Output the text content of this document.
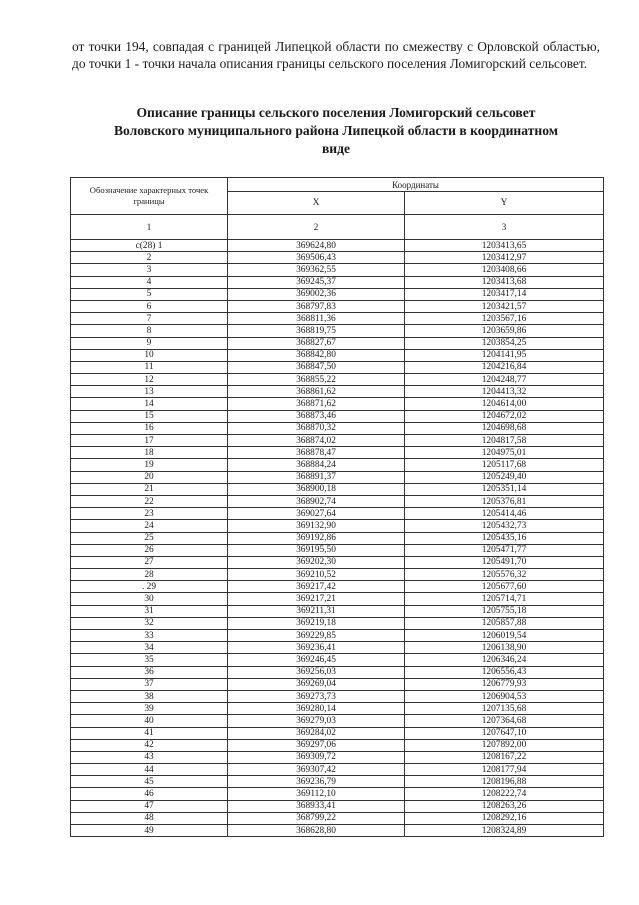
от точки 194, совпадая с границей Липецкой области по смежеству с Орловской областью, до точки 1 - точки начала описания границы сельского поселения Ломигорский сельсовет.

Описание границы сельского поселения Ломигорский сельсовет
Воловского муниципального района Липецкой области в координатном
виде
Обозначение характерных точек границы	Координаты	
	X	Y
1	2	3
c(28) 1	369624,80	1203413,65
2	369506,43	1203412,97
3	369362,55	1203408,66
4	369245,37	1203413,68
5	369002,36	1203417,14
6	368797,83	1203421,57
7	368811,36	1203567,16
8	368819,75	1203659,86
9	368827,67	1203854,25
10	368842,80	1204141,95
11	368847,50	1204216,84
12	368855,22	1204248,77
13	368861,62	1204413,32
14	368871,62	1204614,00
15	368873,46	1204672,02
16	368870,32	1204698,68
17	368874,02	1204817,58
18	368878,47	1204975,01
19	368884,24	1205117,68
20	368891,37	1205249,40
21	368900,18	1205351,14
22	368902,74	1205376,81
23	369027,64	1205414,46
24	369132,90	1205432,73
25	369192,86	1205435,16
26	369195,50	1205471,77
27	369202,30	1205491,70
28	369210,52	1205576,32
. 29	369217,42	1205677,60
30	369217,21	1205714,71
31	369211,31	1205755,18
32	369219,18	1205857,88
33	369229,85	1206019,54
34	369236,41	1206138,90
35	369246,45	1206346,24
36	369256,03	1206556,43
37	369269,04	1206779,93
38	369273,73	1206904,53
39	369280,14	1207135,68
40	369279,03	1207364,68
41	369284,02	1207647,10
42	369297,06	1207892,00
43	369309,72	1208167,22
44	369307,42	1208177,94
45	369236,79	1208196,88
46	369112,10	1208222,74
47	368933,41	1208263,26
48	368799,22	1208292,16
49	368628,80	1208324,89
